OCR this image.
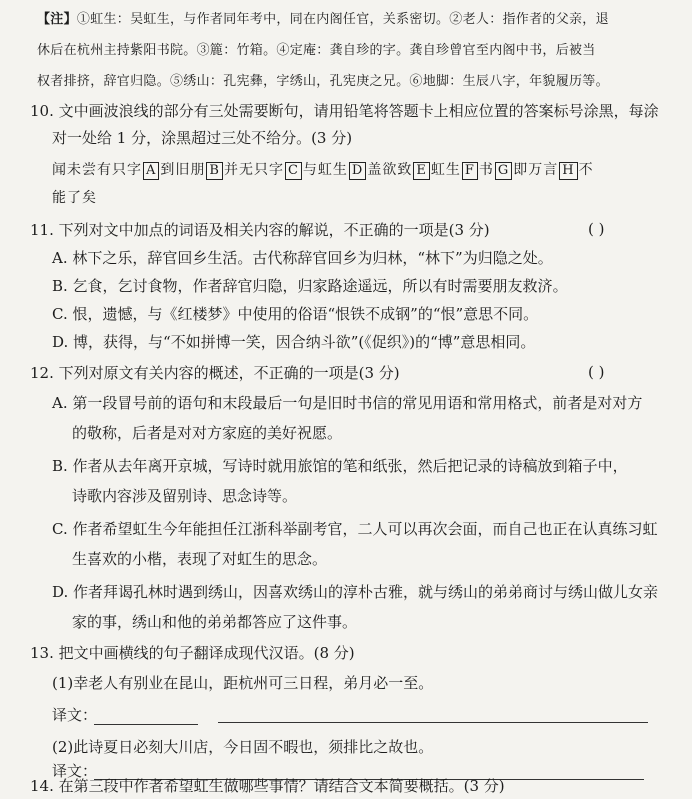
【注】①虹生：吴虹生，与作者同年考中，同在内阁任官，关系密切。②老人：指作者的父亲，退
休后在杭州主持紫阳书院。③簏：竹箱。④定庵：龚自珍的字。龚自珍曾官至内阁中书，后被当
权者排挤，辞官归隐。⑤绣山：孔宪彝，字绣山，孔宪庚之兄。⑥地脚：生辰八字，年貌履历等。
10. 文中画波浪线的部分有三处需要断句，请用铅笔将答题卡上相应位置的答案标号涂黑，每涂
对一处给 1 分，涂黑超过三处不给分。(3 分)
闻未尝有只字 A 到旧朋 B 并无只字 C 与虹生 D 盖欲致 E 虹生 F 书 G 即万言 H 不
能了矣
11. 下列对文中加点的词语及相关内容的解说，不正确的一项是(3 分)	( )
A. 林下之乐，辞官回乡生活。古代称辞官回乡为归林，“林下”为归隐之处。
B. 乞食，乞讨食物，作者辞官归隐，归家路途遥远，所以有时需要朋友救济。
C. 恨，遗憾，与《红楼梦》中使用的俗语“恨铁不成钢”的“恨”意思不同。
D. 博，获得，与“不如拼博一笑，因合纳斗欲”(《促织》)的“博”意思相同。
12. 下列对原文有关内容的概述，不正确的一项是(3 分)	( )
A. 第一段冒号前的语句和末段最后一句是旧时书信的常见用语和常用格式，前者是对对方
的敬称，后者是对对方家庭的美好祝愿。
B. 作者从去年离开京城，写诗时就用旅馆的笔和纸张，然后把记录的诗稿放到箱子中，
诗歌内容涉及留别诗、思念诗等。
C. 作者希望虹生今年能担任江浙科举副考官，二人可以再次会面，而自己也正在认真练习虹
生喜欢的小楷，表现了对虹生的思念。
D. 作者拜谒孔林时遇到绣山，因喜欢绣山的淳朴古雅，就与绣山的弟弟商讨与绣山做儿女亲
家的事，绣山和他的弟弟都答应了这件事。
13. 把文中画横线的句子翻译成现代汉语。(8 分)
(1)幸老人有别业在昆山，距杭州可三日程，弟月必一至。
译文：
(2)此诗夏日必刻大川店，今日固不暇也，须排比之故也。
译文：
14. 在第三段中作者希望虹生做哪些事情？请结合文本简要概括。(3 分)
